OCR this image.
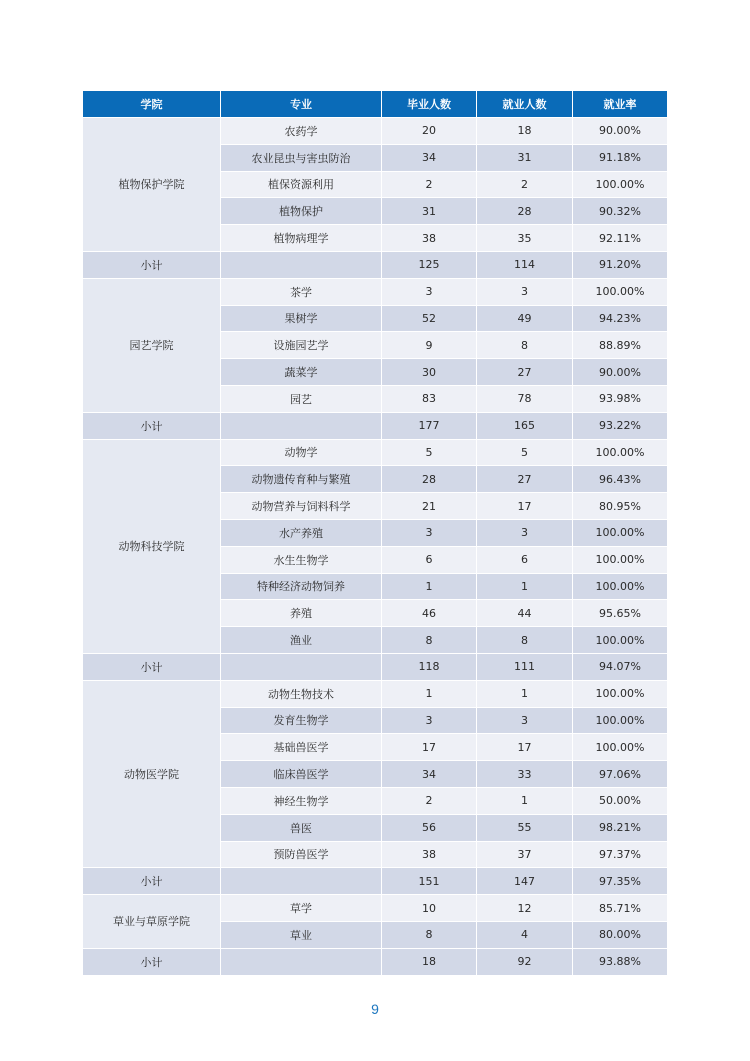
学院	专业	毕业人数	就业人数	就业率
植物保护学院	农药学	20	18	90.00%
	农业昆虫与害虫防治	34	31	91.18%
	植保资源利用	2	2	100.00%
	植物保护	31	28	90.32%
	植物病理学	38	35	92.11%
小计		125	114	91.20%
园艺学院	茶学	3	3	100.00%
	果树学	52	49	94.23%
	设施园艺学	9	8	88.89%
	蔬菜学	30	27	90.00%
	园艺	83	78	93.98%
小计		177	165	93.22%
动物科技学院	动物学	5	5	100.00%
	动物遗传育种与繁殖	28	27	96.43%
	动物营养与饲料科学	21	17	80.95%
	水产养殖	3	3	100.00%
	水生生物学	6	6	100.00%
	特种经济动物饲养	1	1	100.00%
	养殖	46	44	95.65%
	渔业	8	8	100.00%
小计		118	111	94.07%
动物医学院	动物生物技术	1	1	100.00%
	发育生物学	3	3	100.00%
	基础兽医学	17	17	100.00%
	临床兽医学	34	33	97.06%
	神经生物学	2	1	50.00%
	兽医	56	55	98.21%
	预防兽医学	38	37	97.37%
小计		151	147	97.35%
草业与草原学院	草学	10	12	85.71%
	草业	8	4	80.00%
小计		18	92	93.88%
9
